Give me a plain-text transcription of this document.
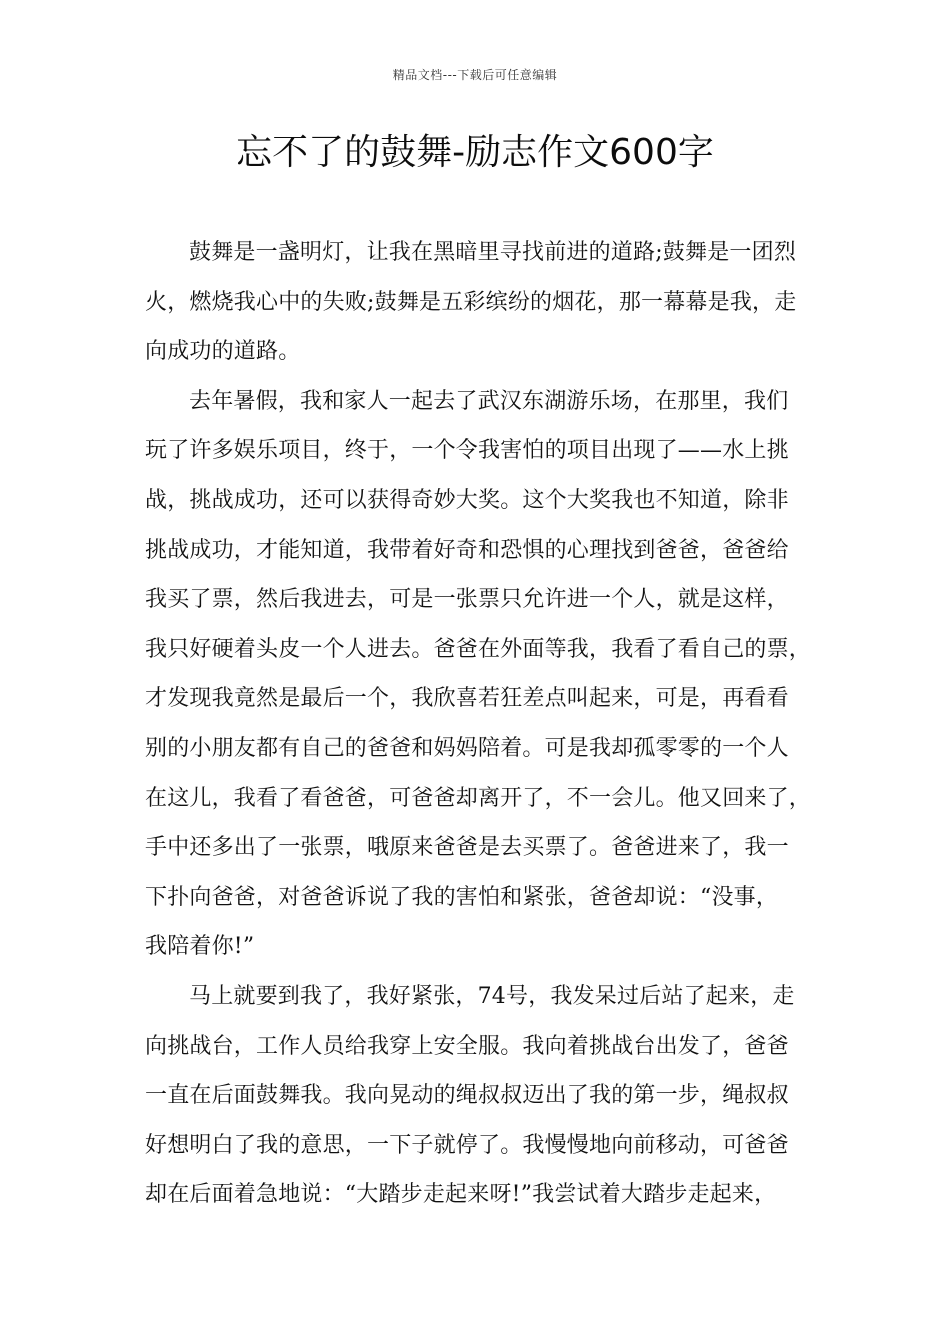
精品文档---下载后可任意编辑
忘不了的鼓舞-励志作文600字

鼓舞是一盏明灯，让我在黑暗里寻找前进的道路;鼓舞是一团烈
火，燃烧我心中的失败;鼓舞是五彩缤纷的烟花，那一幕幕是我，走
向成功的道路。

去年暑假，我和家人一起去了武汉东湖游乐场，在那里，我们
玩了许多娱乐项目，终于，一个令我害怕的项目出现了——水上挑
战，挑战成功，还可以获得奇妙大奖。这个大奖我也不知道，除非
挑战成功，才能知道，我带着好奇和恐惧的心理找到爸爸，爸爸给
我买了票，然后我进去，可是一张票只允许进一个人，就是这样，
我只好硬着头皮一个人进去。爸爸在外面等我，我看了看自己的票，
才发现我竟然是最后一个，我欣喜若狂差点叫起来，可是，再看看
别的小朋友都有自己的爸爸和妈妈陪着。可是我却孤零零的一个人
在这儿，我看了看爸爸，可爸爸却离开了，不一会儿。他又回来了，
手中还多出了一张票，哦原来爸爸是去买票了。爸爸进来了，我一
下扑向爸爸，对爸爸诉说了我的害怕和紧张，爸爸却说：“没事，
我陪着你!”

马上就要到我了，我好紧张，74号，我发呆过后站了起来，走
向挑战台，工作人员给我穿上安全服。我向着挑战台出发了，爸爸
一直在后面鼓舞我。我向晃动的绳叔叔迈出了我的第一步，绳叔叔
好想明白了我的意思，一下子就停了。我慢慢地向前移动，可爸爸
却在后面着急地说：“大踏步走起来呀!”我尝试着大踏步走起来，
